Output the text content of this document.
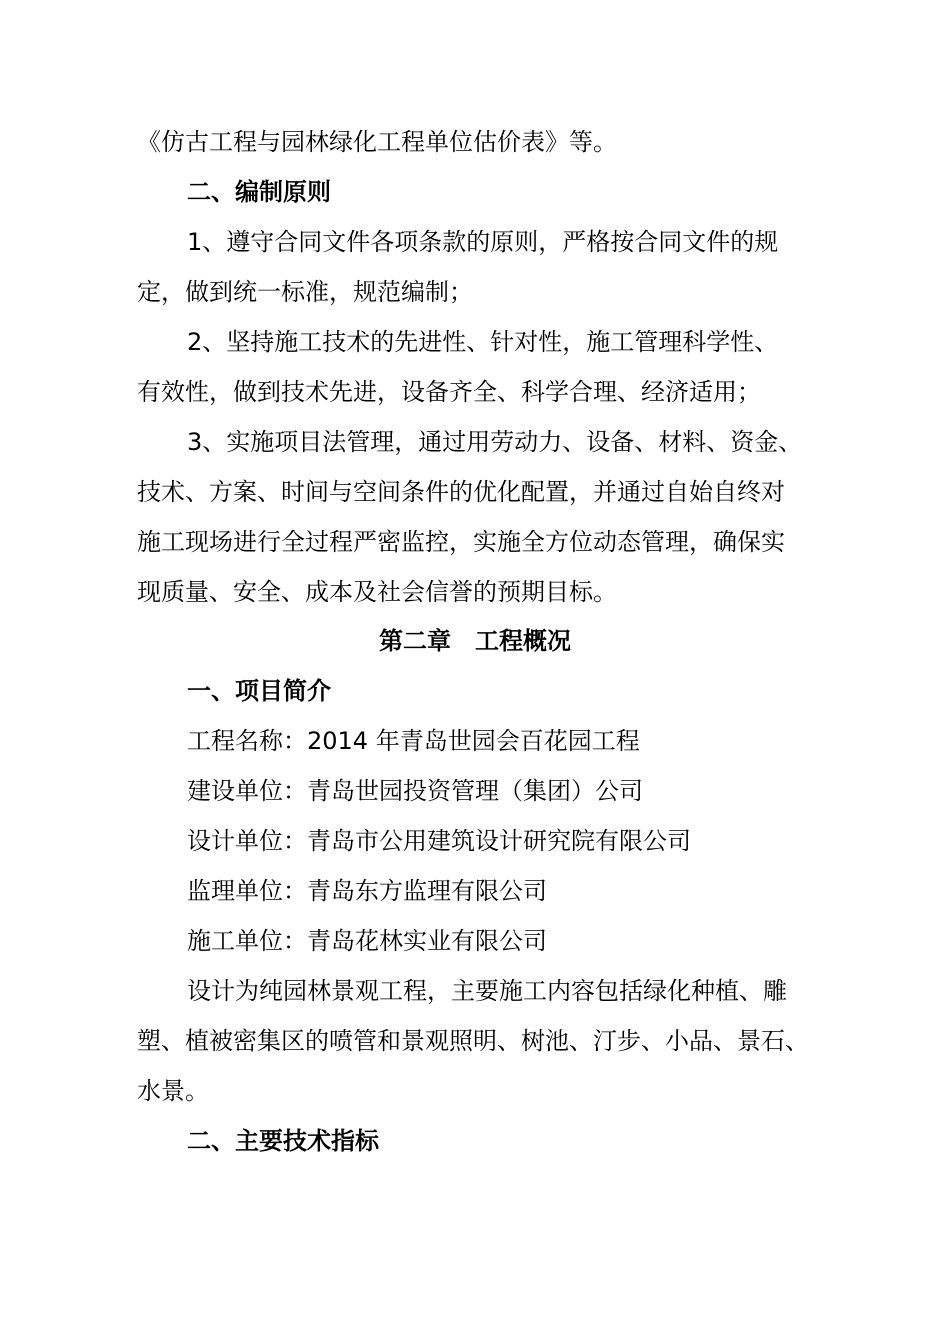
《仿古工程与园林绿化工程单位估价表》等。
二、编制原则
1、遵守合同文件各项条款的原则，严格按合同文件的规
定，做到统一标准，规范编制；
2、坚持施工技术的先进性、针对性，施工管理科学性、
有效性，做到技术先进，设备齐全、科学合理、经济适用；
3、实施项目法管理，通过用劳动力、设备、材料、资金、
技术、方案、时间与空间条件的优化配置，并通过自始自终对
施工现场进行全过程严密监控，实施全方位动态管理，确保实
现质量、安全、成本及社会信誉的预期目标。
第二章　工程概况
一、项目简介
工程名称：2014 年青岛世园会百花园工程
建设单位：青岛世园投资管理（集团）公司
设计单位：青岛市公用建筑设计研究院有限公司
监理单位：青岛东方监理有限公司
施工单位：青岛花林实业有限公司
设计为纯园林景观工程，主要施工内容包括绿化种植、雕
塑、植被密集区的喷管和景观照明、树池、汀步、小品、景石、
水景。
二、主要技术指标
